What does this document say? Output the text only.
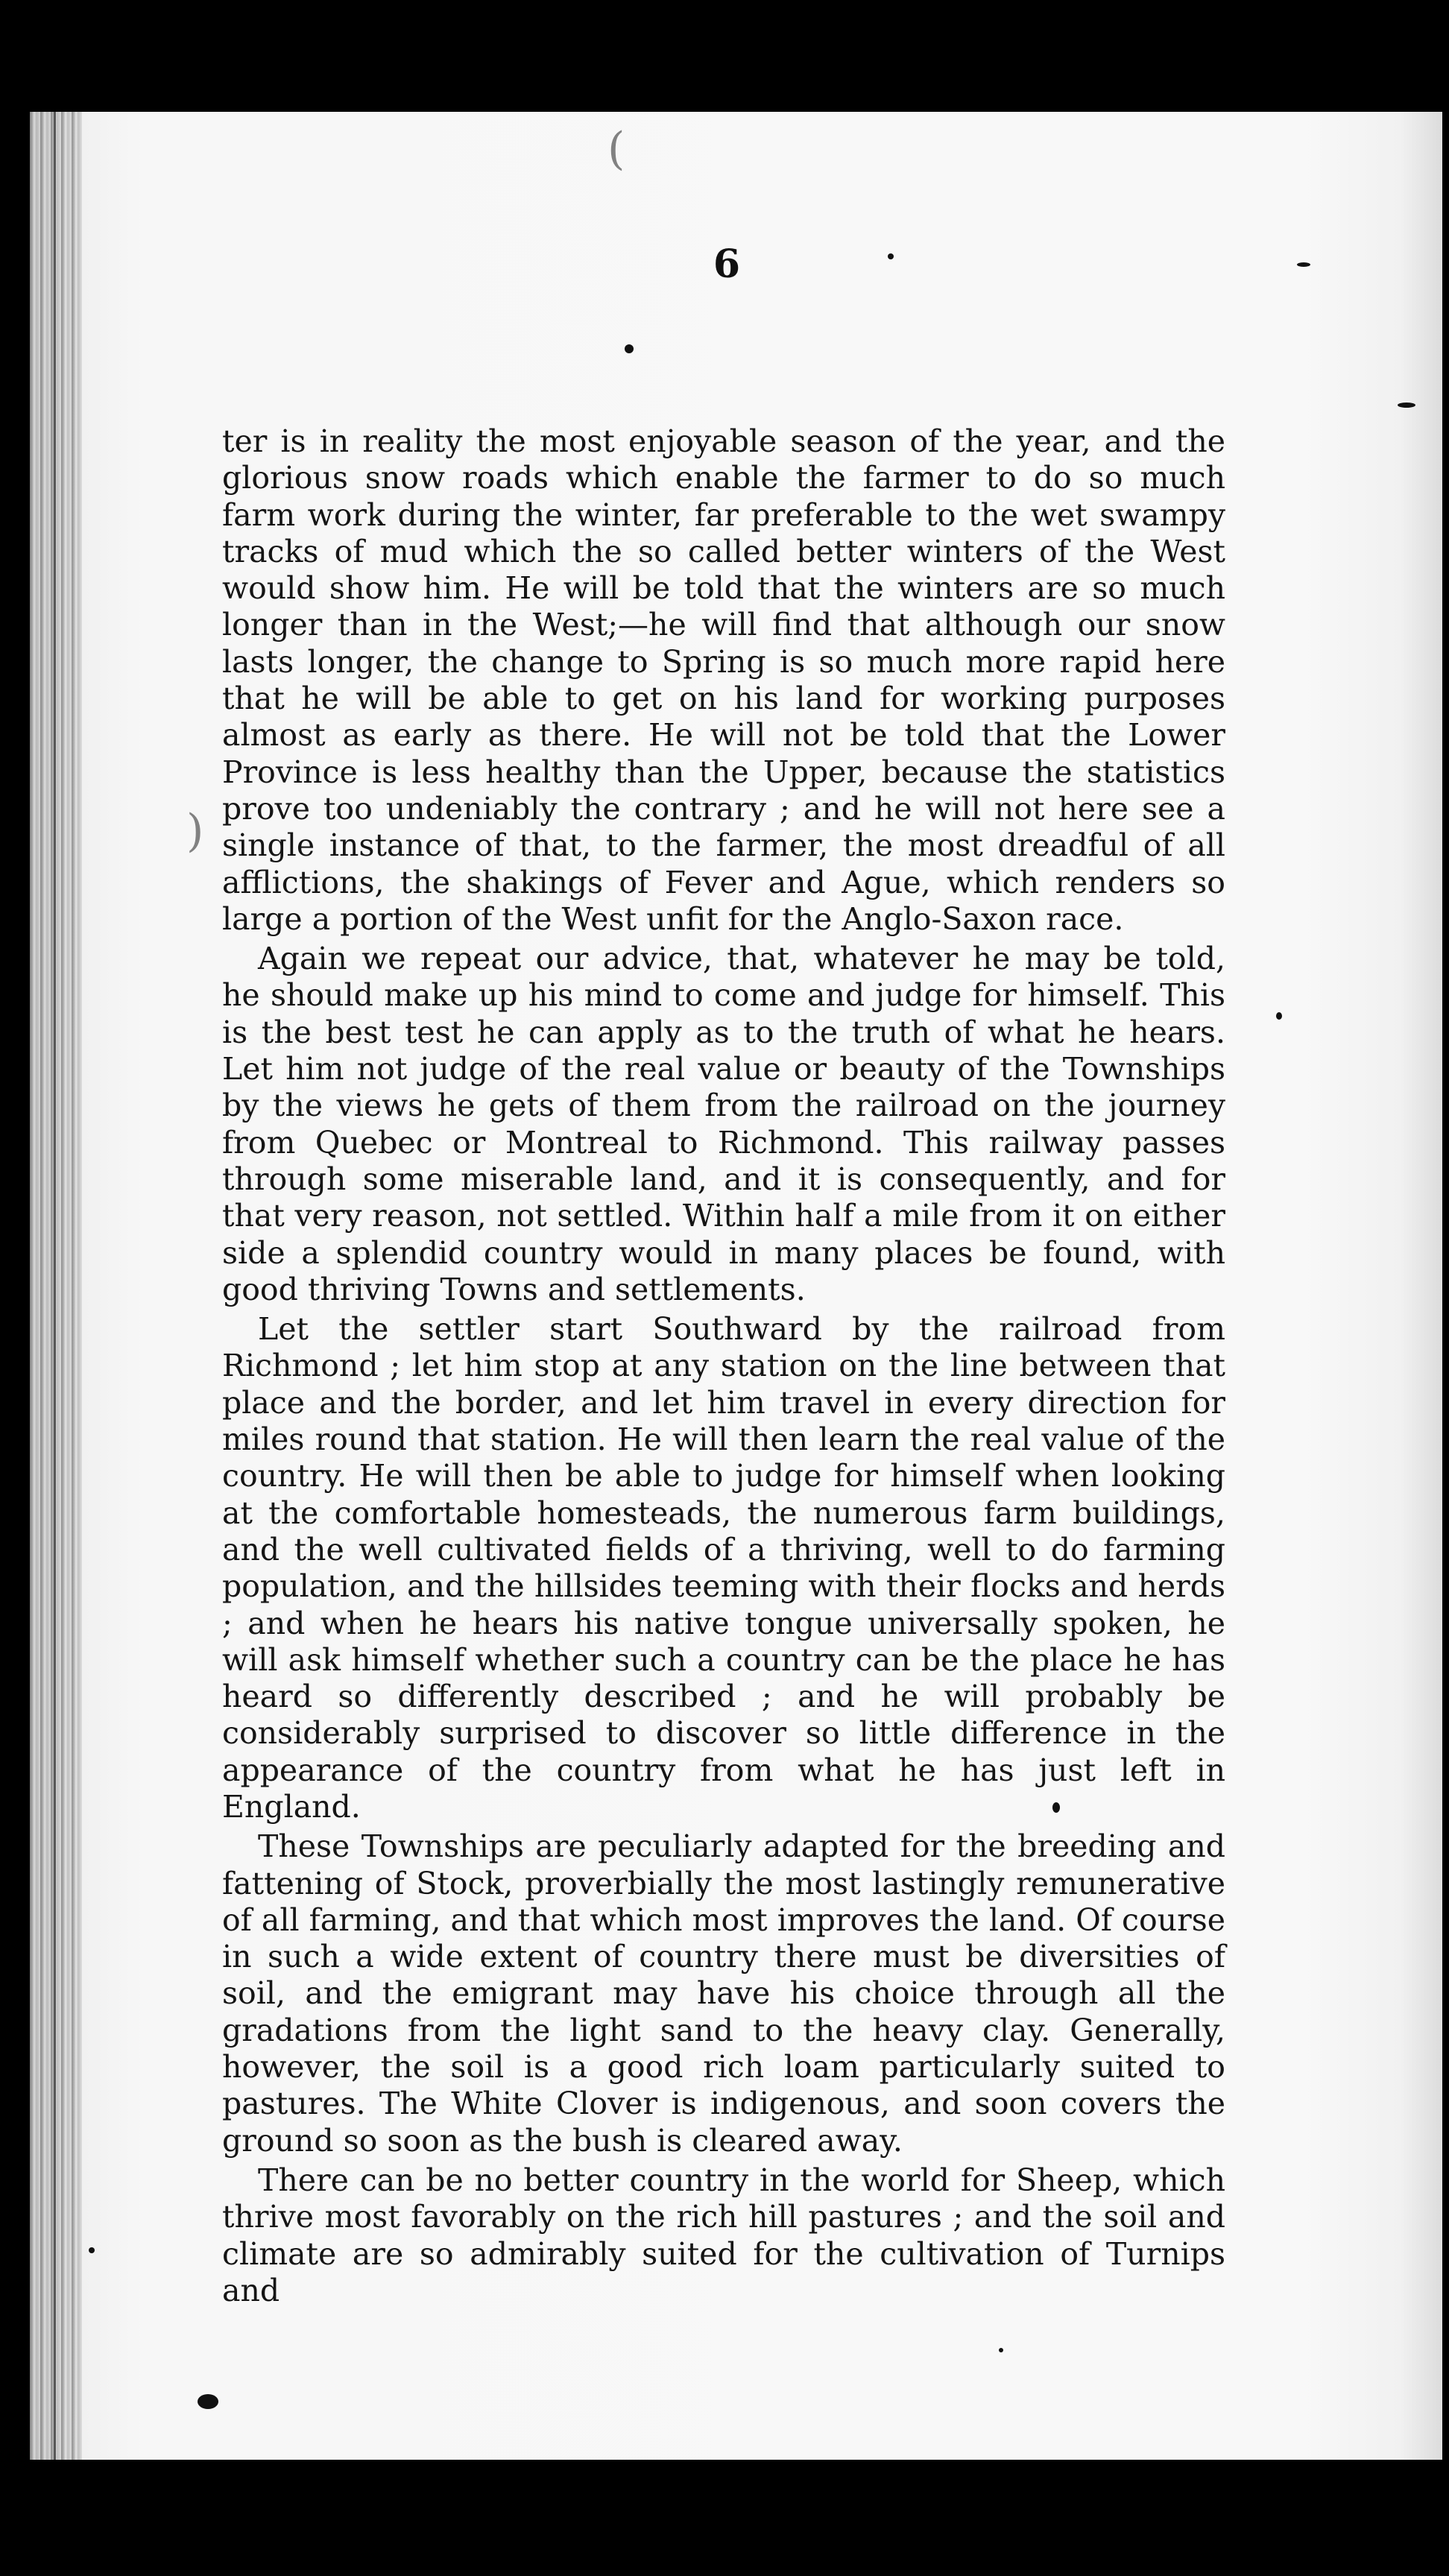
6

ter is in reality the most enjoyable season of the year, and the glorious snow roads which enable the farmer to do so much farm work during the winter, far preferable to the wet swampy tracks of mud which the so called better winters of the West would show him. He will be told that the winters are so much longer than in the West;—he will find that although our snow lasts longer, the change to Spring is so much more rapid here that he will be able to get on his land for working purposes almost as early as there. He will not be told that the Lower Province is less healthy than the Upper, because the statistics prove too undeniably the contrary ; and he will not here see a single instance of that, to the farmer, the most dreadful of all afflictions, the shakings of Fever and Ague, which renders so large a portion of the West unfit for the Anglo-Saxon race.

Again we repeat our advice, that, whatever he may be told, he should make up his mind to come and judge for himself. This is the best test he can apply as to the truth of what he hears. Let him not judge of the real value or beauty of the Townships by the views he gets of them from the railroad on the journey from Quebec or Montreal to Richmond. This railway passes through some miserable land, and it is consequently, and for that very reason, not settled. Within half a mile from it on either side a splendid country would in many places be found, with good thriving Towns and settlements.

Let the settler start Southward by the railroad from Richmond ; let him stop at any station on the line between that place and the border, and let him travel in every direction for miles round that station. He will then learn the real value of the country. He will then be able to judge for himself when looking at the comfortable homesteads, the numerous farm buildings, and the well cultivated fields of a thriving, well to do farming population, and the hillsides teeming with their flocks and herds ; and when he hears his native tongue universally spoken, he will ask himself whether such a country can be the place he has heard so differently described ; and he will probably be considerably surprised to discover so little difference in the appearance of the country from what he has just left in England.

These Townships are peculiarly adapted for the breeding and fattening of Stock, proverbially the most lastingly remunerative of all farming, and that which most improves the land. Of course in such a wide extent of country there must be diversities of soil, and the emigrant may have his choice through all the gradations from the light sand to the heavy clay. Generally, however, the soil is a good rich loam particularly suited to pastures. The White Clover is indigenous, and soon covers the ground so soon as the bush is cleared away.

There can be no better country in the world for Sheep, which thrive most favorably on the rich hill pastures ; and the soil and climate are so admirably suited for the cultivation of Turnips and

)
(
